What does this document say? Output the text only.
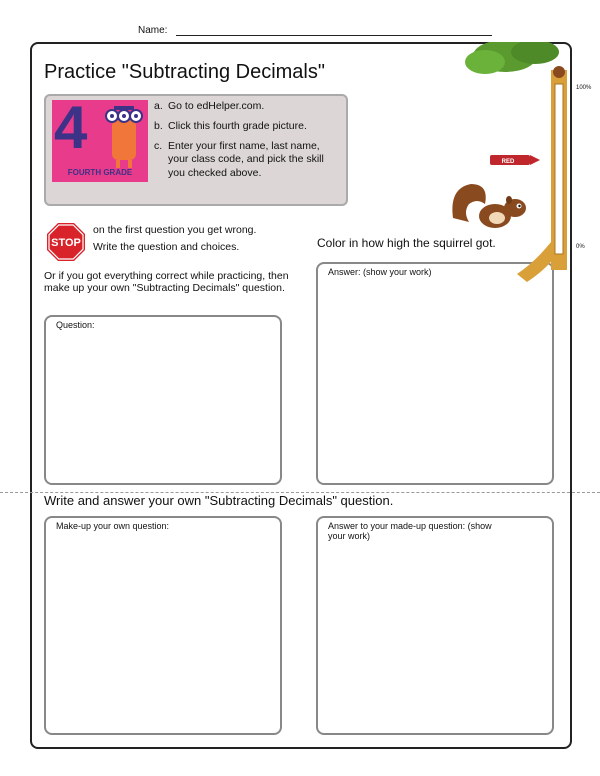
Name:
Practice "Subtracting Decimals"
4
FOURTH GRADE
a. Go to edHelper.com.
b. Click this fourth grade picture.
c. Enter your first name, last name, your class code, and pick the skill you checked above.
STOP
on the first question you get wrong.
Write the question and choices.
Or if you got everything correct while practicing, then make up your own "Subtracting Decimals" question.
Question:
Color in how high the squirrel got.
Answer: (show your work)
100%
0%
RED
Write and answer your own "Subtracting Decimals" question.
Make-up your own question:	Answer to your made-up question: (show your work)
